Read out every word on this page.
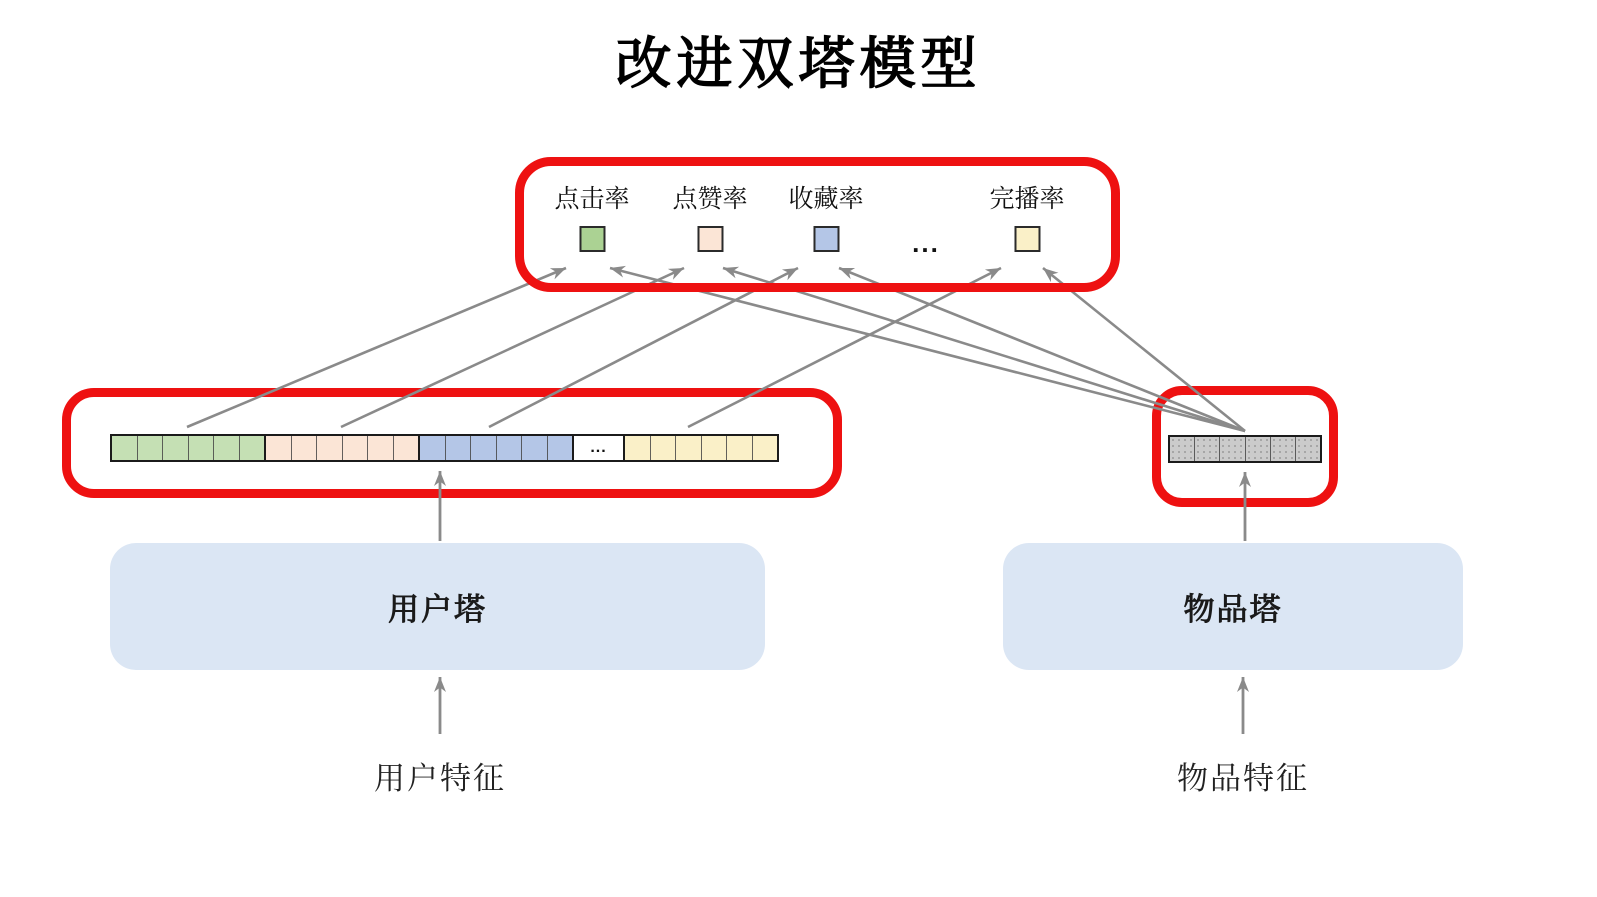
改进双塔模型
点击率 点赞率 收藏率
...
完播率
...
用户塔	物品塔
用户特征	物品特征
